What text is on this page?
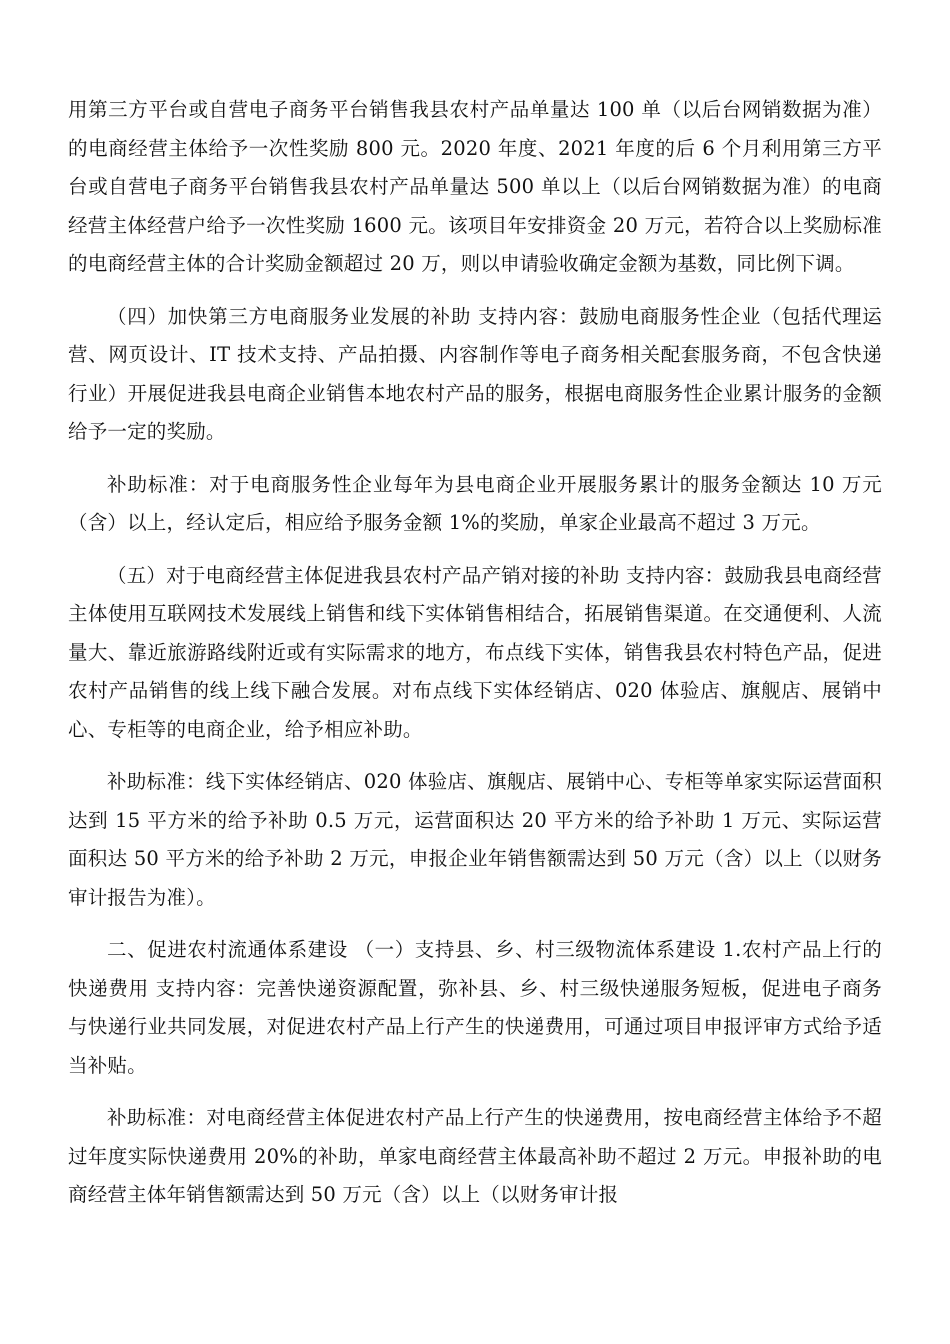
用第三方平台或自营电子商务平台销售我县农村产品单量达 100 单（以后台网销数据为准）的电商经营主体给予一次性奖励 800 元。2020 年度、2021 年度的后 6 个月利用第三方平台或自营电子商务平台销售我县农村产品单量达 500 单以上（以后台网销数据为准）的电商经营主体经营户给予一次性奖励 1600 元。该项目年安排资金 20 万元，若符合以上奖励标准的电商经营主体的合计奖励金额超过 20 万，则以申请验收确定金额为基数，同比例下调。

（四）加快第三方电商服务业发展的补助 支持内容：鼓励电商服务性企业（包括代理运营、网页设计、IT 技术支持、产品拍摄、内容制作等电子商务相关配套服务商，不包含快递行业）开展促进我县电商企业销售本地农村产品的服务，根据电商服务性企业累计服务的金额给予一定的奖励。

补助标准：对于电商服务性企业每年为县电商企业开展服务累计的服务金额达 10 万元（含）以上，经认定后，相应给予服务金额 1%的奖励，单家企业最高不超过 3 万元。

（五）对于电商经营主体促进我县农村产品产销对接的补助 支持内容：鼓励我县电商经营主体使用互联网技术发展线上销售和线下实体销售相结合，拓展销售渠道。在交通便利、人流量大、靠近旅游路线附近或有实际需求的地方，布点线下实体，销售我县农村特色产品，促进农村产品销售的线上线下融合发展。对布点线下实体经销店、020 体验店、旗舰店、展销中心、专柜等的电商企业，给予相应补助。

补助标准：线下实体经销店、020 体验店、旗舰店、展销中心、专柜等单家实际运营面积达到 15 平方米的给予补助 0.5 万元，运营面积达 20 平方米的给予补助 1 万元、实际运营面积达 50 平方米的给予补助 2 万元，申报企业年销售额需达到 50 万元（含）以上（以财务审计报告为准）。

二、促进农村流通体系建设 （一）支持县、乡、村三级物流体系建设 1.农村产品上行的快递费用 支持内容：完善快递资源配置，弥补县、乡、村三级快递服务短板，促进电子商务与快递行业共同发展，对促进农村产品上行产生的快递费用，可通过项目申报评审方式给予适当补贴。

补助标准：对电商经营主体促进农村产品上行产生的快递费用，按电商经营主体给予不超过年度实际快递费用 20%的补助，单家电商经营主体最高补助不超过 2 万元。申报补助的电商经营主体年销售额需达到 50 万元（含）以上（以财务审计报
